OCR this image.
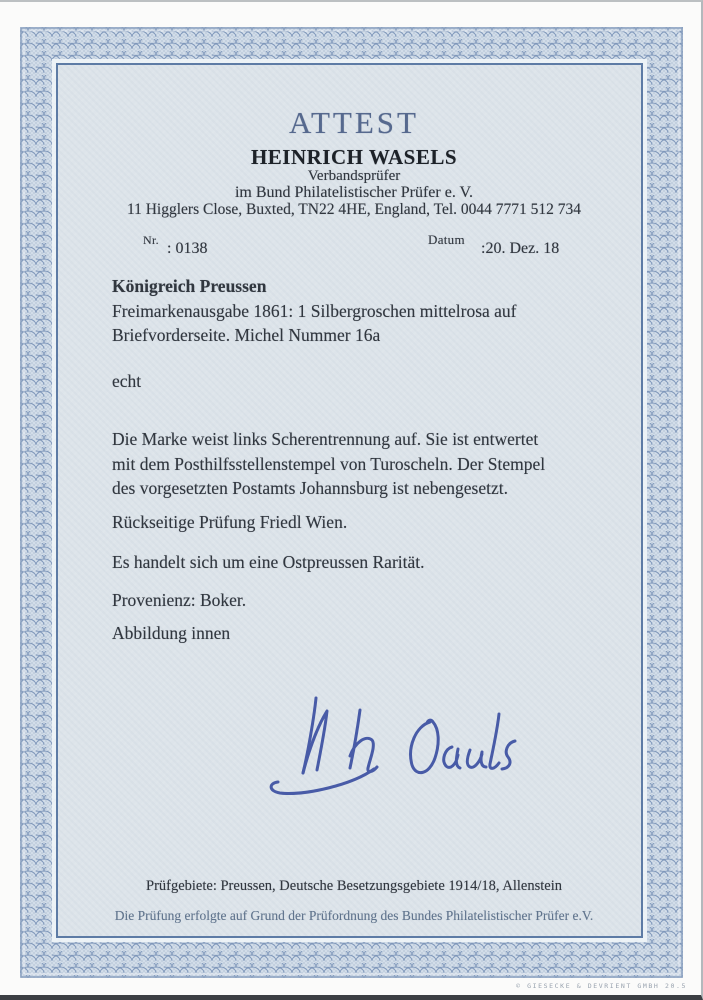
ATTEST
HEINRICH WASELS
Verbandsprüfer
im Bund Philatelistischer Prüfer e. V.
11 Higglers Close, Buxted, TN22 4HE, England, Tel. 0044 7771 512 734
Nr. : 0138
Datum
:20. Dez. 18
Königreich Preussen
Freimarkenausgabe 1861: 1 Silbergroschen mittelrosa auf
Briefvorderseite. Michel Nummer 16a
echt
Die Marke weist links Scherentrennung auf. Sie ist entwertet
mit dem Posthilfsstellenstempel von Turoscheln. Der Stempel
des vorgesetzten Postamts Johannsburg ist nebengesetzt.
Rückseitige Prüfung Friedl Wien.
Es handelt sich um eine Ostpreussen Rarität.
Provenienz: Boker.
Abbildung innen
Prüfgebiete: Preussen, Deutsche Besetzungsgebiete 1914/18, Allenstein
Die Prüfung erfolgte auf Grund der Prüfordnung des Bundes Philatelistischer Prüfer e.V.
© GIESECKE & DEVRIENT GMBH 20.5
